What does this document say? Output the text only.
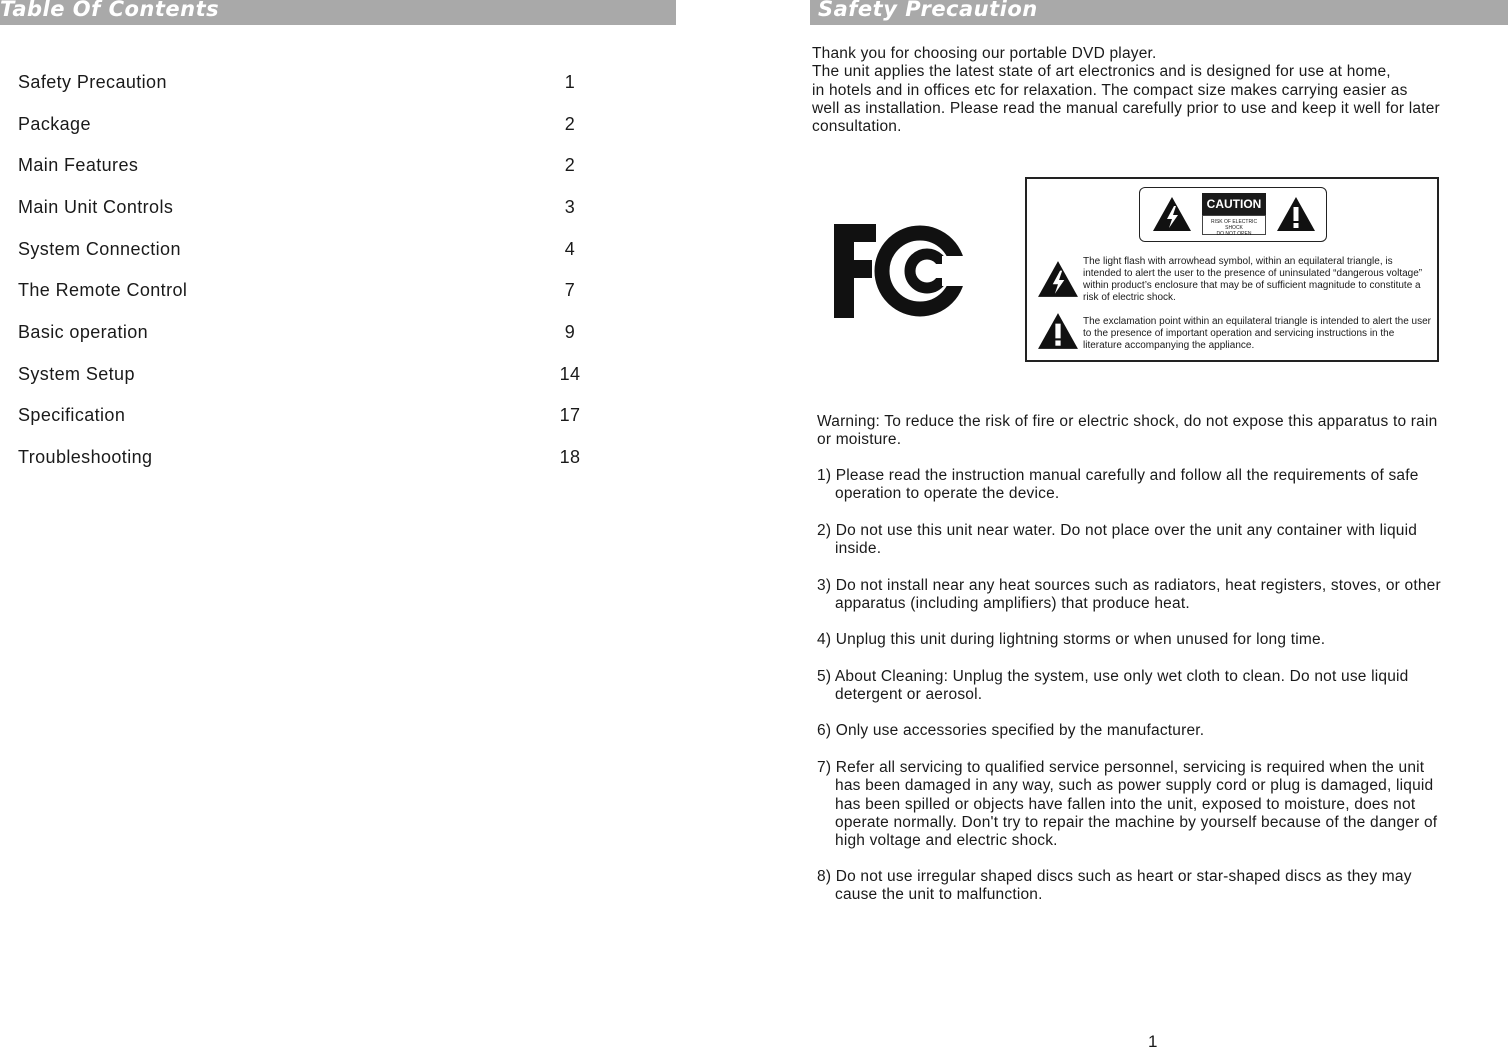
Table Of Contents
Safety Precaution	1
Package	2
Main Features	2
Main Unit Controls	3
System Connection	4
The Remote Control	7
Basic operation	9
System Setup	14
Specification	17
Troubleshooting	18
Safety Precaution
Thank you for choosing our portable DVD player.
The unit applies the latest state of art electronics and is designed for use at home,
in hotels and in offices etc for relaxation. The compact size makes carrying easier as
well as installation. Please read the manual carefully prior to use and keep it well for later
consultation.
CAUTION
RISK OF ELECTRIC SHOCK
DO NOT OPEN
The light flash with arrowhead symbol, within an equilateral triangle, is intended to alert the user to the presence of uninsulated “dangerous voltage” within product’s enclosure that may be of sufficient magnitude to constitute a risk of electric shock.
The exclamation point within an equilateral triangle is intended to alert the user to the presence of important operation and servicing instructions in the literature accompanying the appliance.
Warning: To reduce the risk of fire or electric shock, do not expose this apparatus to rain
or moisture.
1) Please read the instruction manual carefully and follow all the requirements of safe
operation to operate the device.
2) Do not use this unit near water. Do not place over the unit any container with liquid
inside.
3) Do not install near any heat sources such as radiators, heat registers, stoves, or other
apparatus (including amplifiers) that produce heat.
4) Unplug this unit during lightning storms or when unused for long time.
5) About Cleaning: Unplug the system, use only wet cloth to clean. Do not use liquid
detergent or aerosol.
6) Only use accessories specified by the manufacturer.
7) Refer all servicing to qualified service personnel, servicing is required when the unit
has been damaged in any way, such as power supply cord or plug is damaged, liquid
has been spilled or objects have fallen into the unit, exposed to moisture, does not
operate normally. Don't try to repair the machine by yourself because of the danger of
high voltage and electric shock.
8) Do not use irregular shaped discs such as heart or star-shaped discs as they may
cause the unit to malfunction.
1
